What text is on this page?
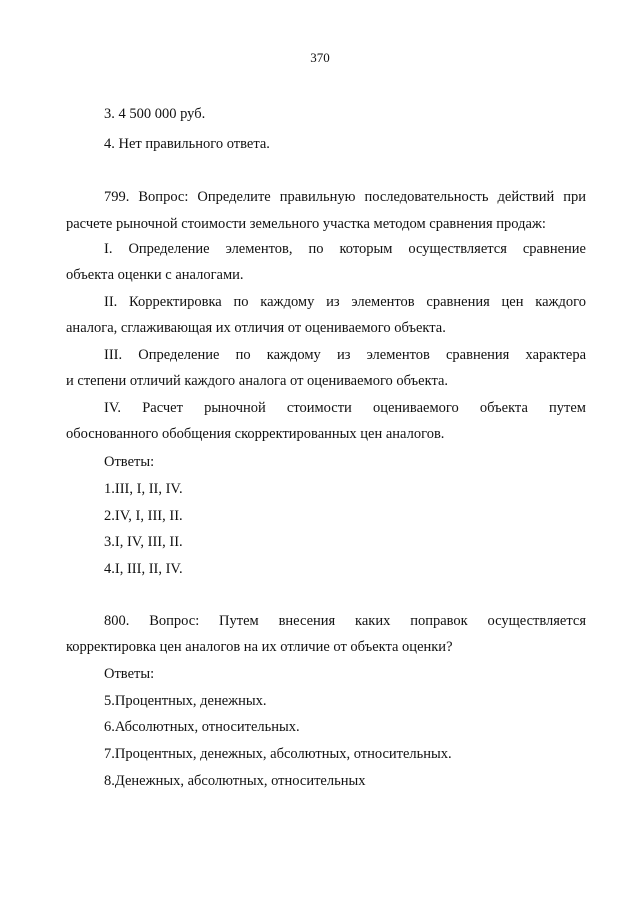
370
3. 4 500 000 руб.
4. Нет правильного ответа.
799. Вопрос: Определите правильную последовательность действий при
расчете рыночной стоимости земельного участка методом сравнения продаж:
I. Определение элементов, по которым осуществляется сравнение
объекта оценки с аналогами.
II. Корректировка по каждому из элементов сравнения цен каждого
аналога, сглаживающая их отличия от оцениваемого объекта.
III. Определение по каждому из элементов сравнения характера
и степени отличий каждого аналога от оцениваемого объекта.
IV. Расчет рыночной стоимости оцениваемого объекта путем
обоснованного обобщения скорректированных цен аналогов.
Ответы:
1.III, I, II, IV.
2.IV, I, III, II.
3.I, IV, III, II.
4.I, III, II, IV.
800. Вопрос: Путем внесения каких поправок осуществляется
корректировка цен аналогов на их отличие от объекта оценки?
Ответы:
5.Процентных, денежных.
6.Абсолютных, относительных.
7.Процентных, денежных, абсолютных, относительных.
8.Денежных, абсолютных, относительных
